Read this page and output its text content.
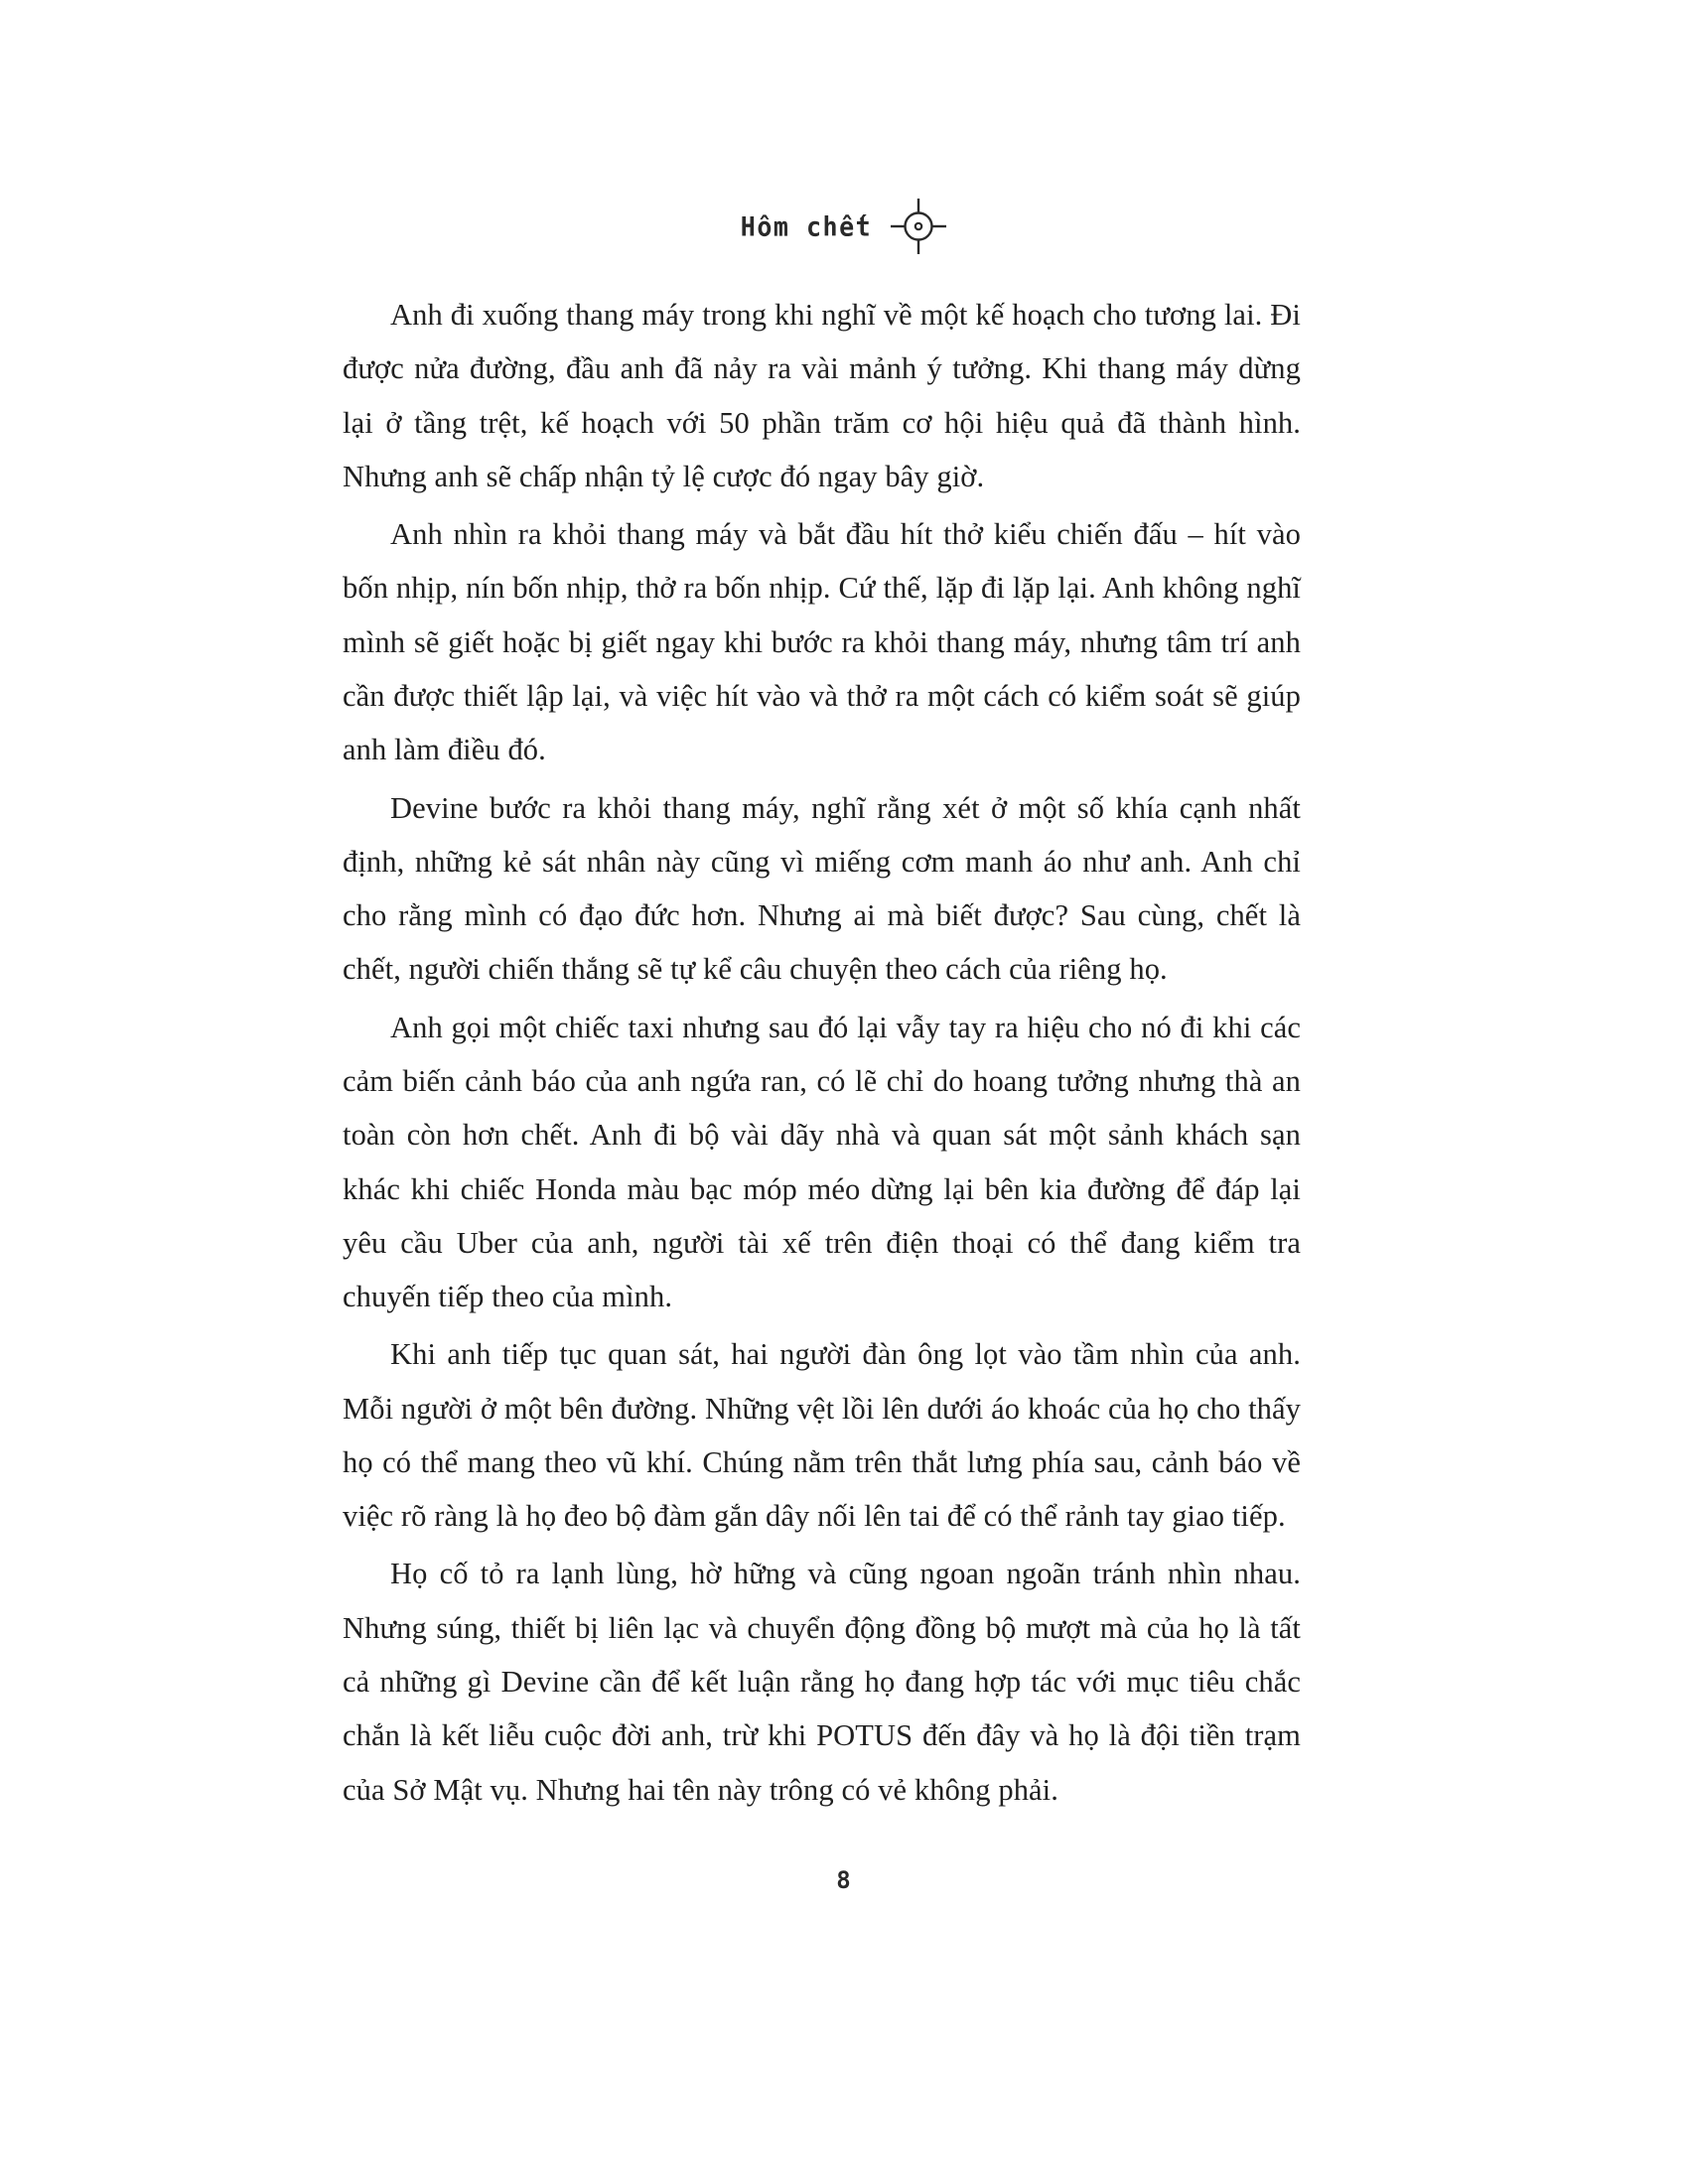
Hôm chết

Anh đi xuống thang máy trong khi nghĩ về một kế hoạch cho tương lai. Đi được nửa đường, đầu anh đã nảy ra vài mảnh ý tưởng. Khi thang máy dừng lại ở tầng trệt, kế hoạch với 50 phần trăm cơ hội hiệu quả đã thành hình. Nhưng anh sẽ chấp nhận tỷ lệ cược đó ngay bây giờ.

Anh nhìn ra khỏi thang máy và bắt đầu hít thở kiểu chiến đấu – hít vào bốn nhịp, nín bốn nhịp, thở ra bốn nhịp. Cứ thế, lặp đi lặp lại. Anh không nghĩ mình sẽ giết hoặc bị giết ngay khi bước ra khỏi thang máy, nhưng tâm trí anh cần được thiết lập lại, và việc hít vào và thở ra một cách có kiểm soát sẽ giúp anh làm điều đó.

Devine bước ra khỏi thang máy, nghĩ rằng xét ở một số khía cạnh nhất định, những kẻ sát nhân này cũng vì miếng cơm manh áo như anh. Anh chỉ cho rằng mình có đạo đức hơn. Nhưng ai mà biết được? Sau cùng, chết là chết, người chiến thắng sẽ tự kể câu chuyện theo cách của riêng họ.

Anh gọi một chiếc taxi nhưng sau đó lại vẫy tay ra hiệu cho nó đi khi các cảm biến cảnh báo của anh ngứa ran, có lẽ chỉ do hoang tưởng nhưng thà an toàn còn hơn chết. Anh đi bộ vài dãy nhà và quan sát một sảnh khách sạn khác khi chiếc Honda màu bạc móp méo dừng lại bên kia đường để đáp lại yêu cầu Uber của anh, người tài xế trên điện thoại có thể đang kiểm tra chuyến tiếp theo của mình.

Khi anh tiếp tục quan sát, hai người đàn ông lọt vào tầm nhìn của anh. Mỗi người ở một bên đường. Những vệt lồi lên dưới áo khoác của họ cho thấy họ có thể mang theo vũ khí. Chúng nằm trên thắt lưng phía sau, cảnh báo về việc rõ ràng là họ đeo bộ đàm gắn dây nối lên tai để có thể rảnh tay giao tiếp.

Họ cố tỏ ra lạnh lùng, hờ hững và cũng ngoan ngoãn tránh nhìn nhau. Nhưng súng, thiết bị liên lạc và chuyển động đồng bộ mượt mà của họ là tất cả những gì Devine cần để kết luận rằng họ đang hợp tác với mục tiêu chắc chắn là kết liễu cuộc đời anh, trừ khi POTUS đến đây và họ là đội tiền trạm của Sở Mật vụ. Nhưng hai tên này trông có vẻ không phải.

8
